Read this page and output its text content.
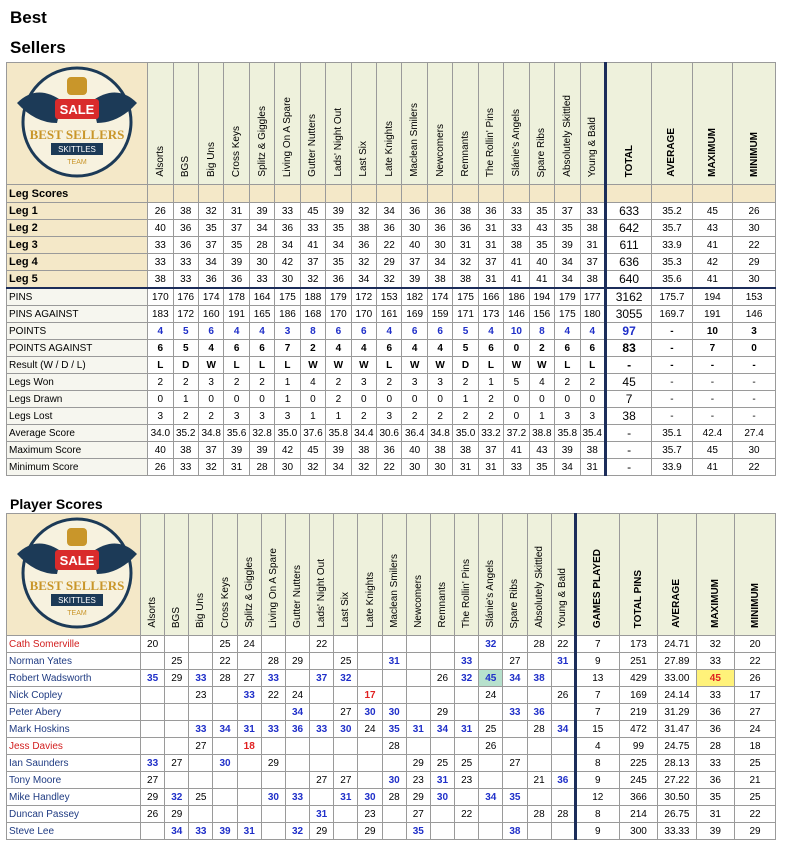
Best
Sellers
SALE
BEST SELLERS
SKITTLES
TEAM	Alsorts	BGS	Big Uns	Cross Keys	Splitz & Giggles	Living On A Spare	Gutter Nutters	Lads' Night Out	Last Six	Late Knights	Maclean Smilers	Newcomers	Remnants	The Rollin' Pins	Slánie's Angels	Spare Ribs	Absolutely Skittled	Young & Bald	TOTAL	AVERAGE	MAXIMUM	MINIMUM
Leg Scores																						
Leg 1	26	38	32	31	39	33	45	39	32	34	36	36	38	36	33	35	37	33	633	35.2	45	26
Leg 2	40	36	35	37	34	36	33	35	38	36	30	36	36	31	33	43	35	38	642	35.7	43	30
Leg 3	33	36	37	35	28	34	41	34	36	22	40	30	31	31	38	35	39	31	611	33.9	41	22
Leg 4	33	33	34	39	30	42	37	35	32	29	37	34	32	37	41	40	34	37	636	35.3	42	29
Leg 5	38	33	36	36	33	30	32	36	34	32	39	38	38	31	41	41	34	38	640	35.6	41	30
PINS	170	176	174	178	164	175	188	179	172	153	182	174	175	166	186	194	179	177	3162	175.7	194	153
PINS AGAINST	183	172	160	191	165	186	168	170	170	161	169	159	171	173	146	156	175	180	3055	169.7	191	146
POINTS	4	5	6	4	4	3	8	6	6	4	6	6	5	4	10	8	4	4	97	-	10	3
POINTS AGAINST	6	5	4	6	6	7	2	4	4	6	4	4	5	6	0	2	6	6	83	-	7	0
Result (W / D / L)	L	D	W	L	L	L	W	W	W	L	W	W	D	L	W	W	L	L	-	-	-	-
Legs Won	2	2	3	2	2	1	4	2	3	2	3	3	2	1	5	4	2	2	45	-	-	-
Legs Drawn	0	1	0	0	0	1	0	2	0	0	0	0	1	2	0	0	0	0	7	-	-	-
Legs Lost	3	2	2	3	3	3	1	1	2	3	2	2	2	2	0	1	3	3	38	-	-	-
Average Score	34.0	35.2	34.8	35.6	32.8	35.0	37.6	35.8	34.4	30.6	36.4	34.8	35.0	33.2	37.2	38.8	35.8	35.4	-	35.1	42.4	27.4
Maximum Score	40	38	37	39	39	42	45	39	38	36	40	38	38	37	41	43	39	38	-	35.7	45	30
Minimum Score	26	33	32	31	28	30	32	34	32	22	30	30	31	31	33	35	34	31	-	33.9	41	22
Player Scores
SALE
BEST SELLERS
SKITTLES
TEAM	Alsorts	BGS	Big Uns	Cross Keys	Splitz & Giggles	Living On A Spare	Gutter Nutters	Lads' Night Out	Last Six	Late Knights	Maclean Smilers	Newcomers	Remnants	The Rollin' Pins	Slánie's Angels	Spare Ribs	Absolutely Skittled	Young & Bald	GAMES PLAYED	TOTAL PINS	AVERAGE	MAXIMUM	MINIMUM
Cath Somerville	20			25	24			22							32		28	22	7	173	24.71	32	20
Norman Yates		25		22		28	29		25		31			33		27		31	9	251	27.89	33	22
Robert Wadsworth	35	29	33	28	27	33		37	32				26	32	45	34	38		13	429	33.00	45	26
Nick Copley			23		33	22	24			17					24			26	7	169	24.14	33	17
Peter Abery							34		27	30	30		29			33	36		7	219	31.29	36	27
Mark Hoskins			33	34	31	33	36	33	30	24	35	31	34	31	25		28	34	15	472	31.47	36	24
Jess Davies			27		18						28				26				4	99	24.75	28	18
Ian Saunders	33	27		30		29						29	25	25		27			8	225	28.13	33	25
Tony Moore	27							27	27		30	23	31	23			21	36	9	245	27.22	36	21
Mike Handley	29	32	25			30	33		31	30	28	29	30		34	35			12	366	30.50	35	25
Duncan Passey	26	29						31		23		27		22			28	28	8	214	26.75	31	22
Steve Lee		34	33	39	31		32	29		29		35				38			9	300	33.33	39	29
